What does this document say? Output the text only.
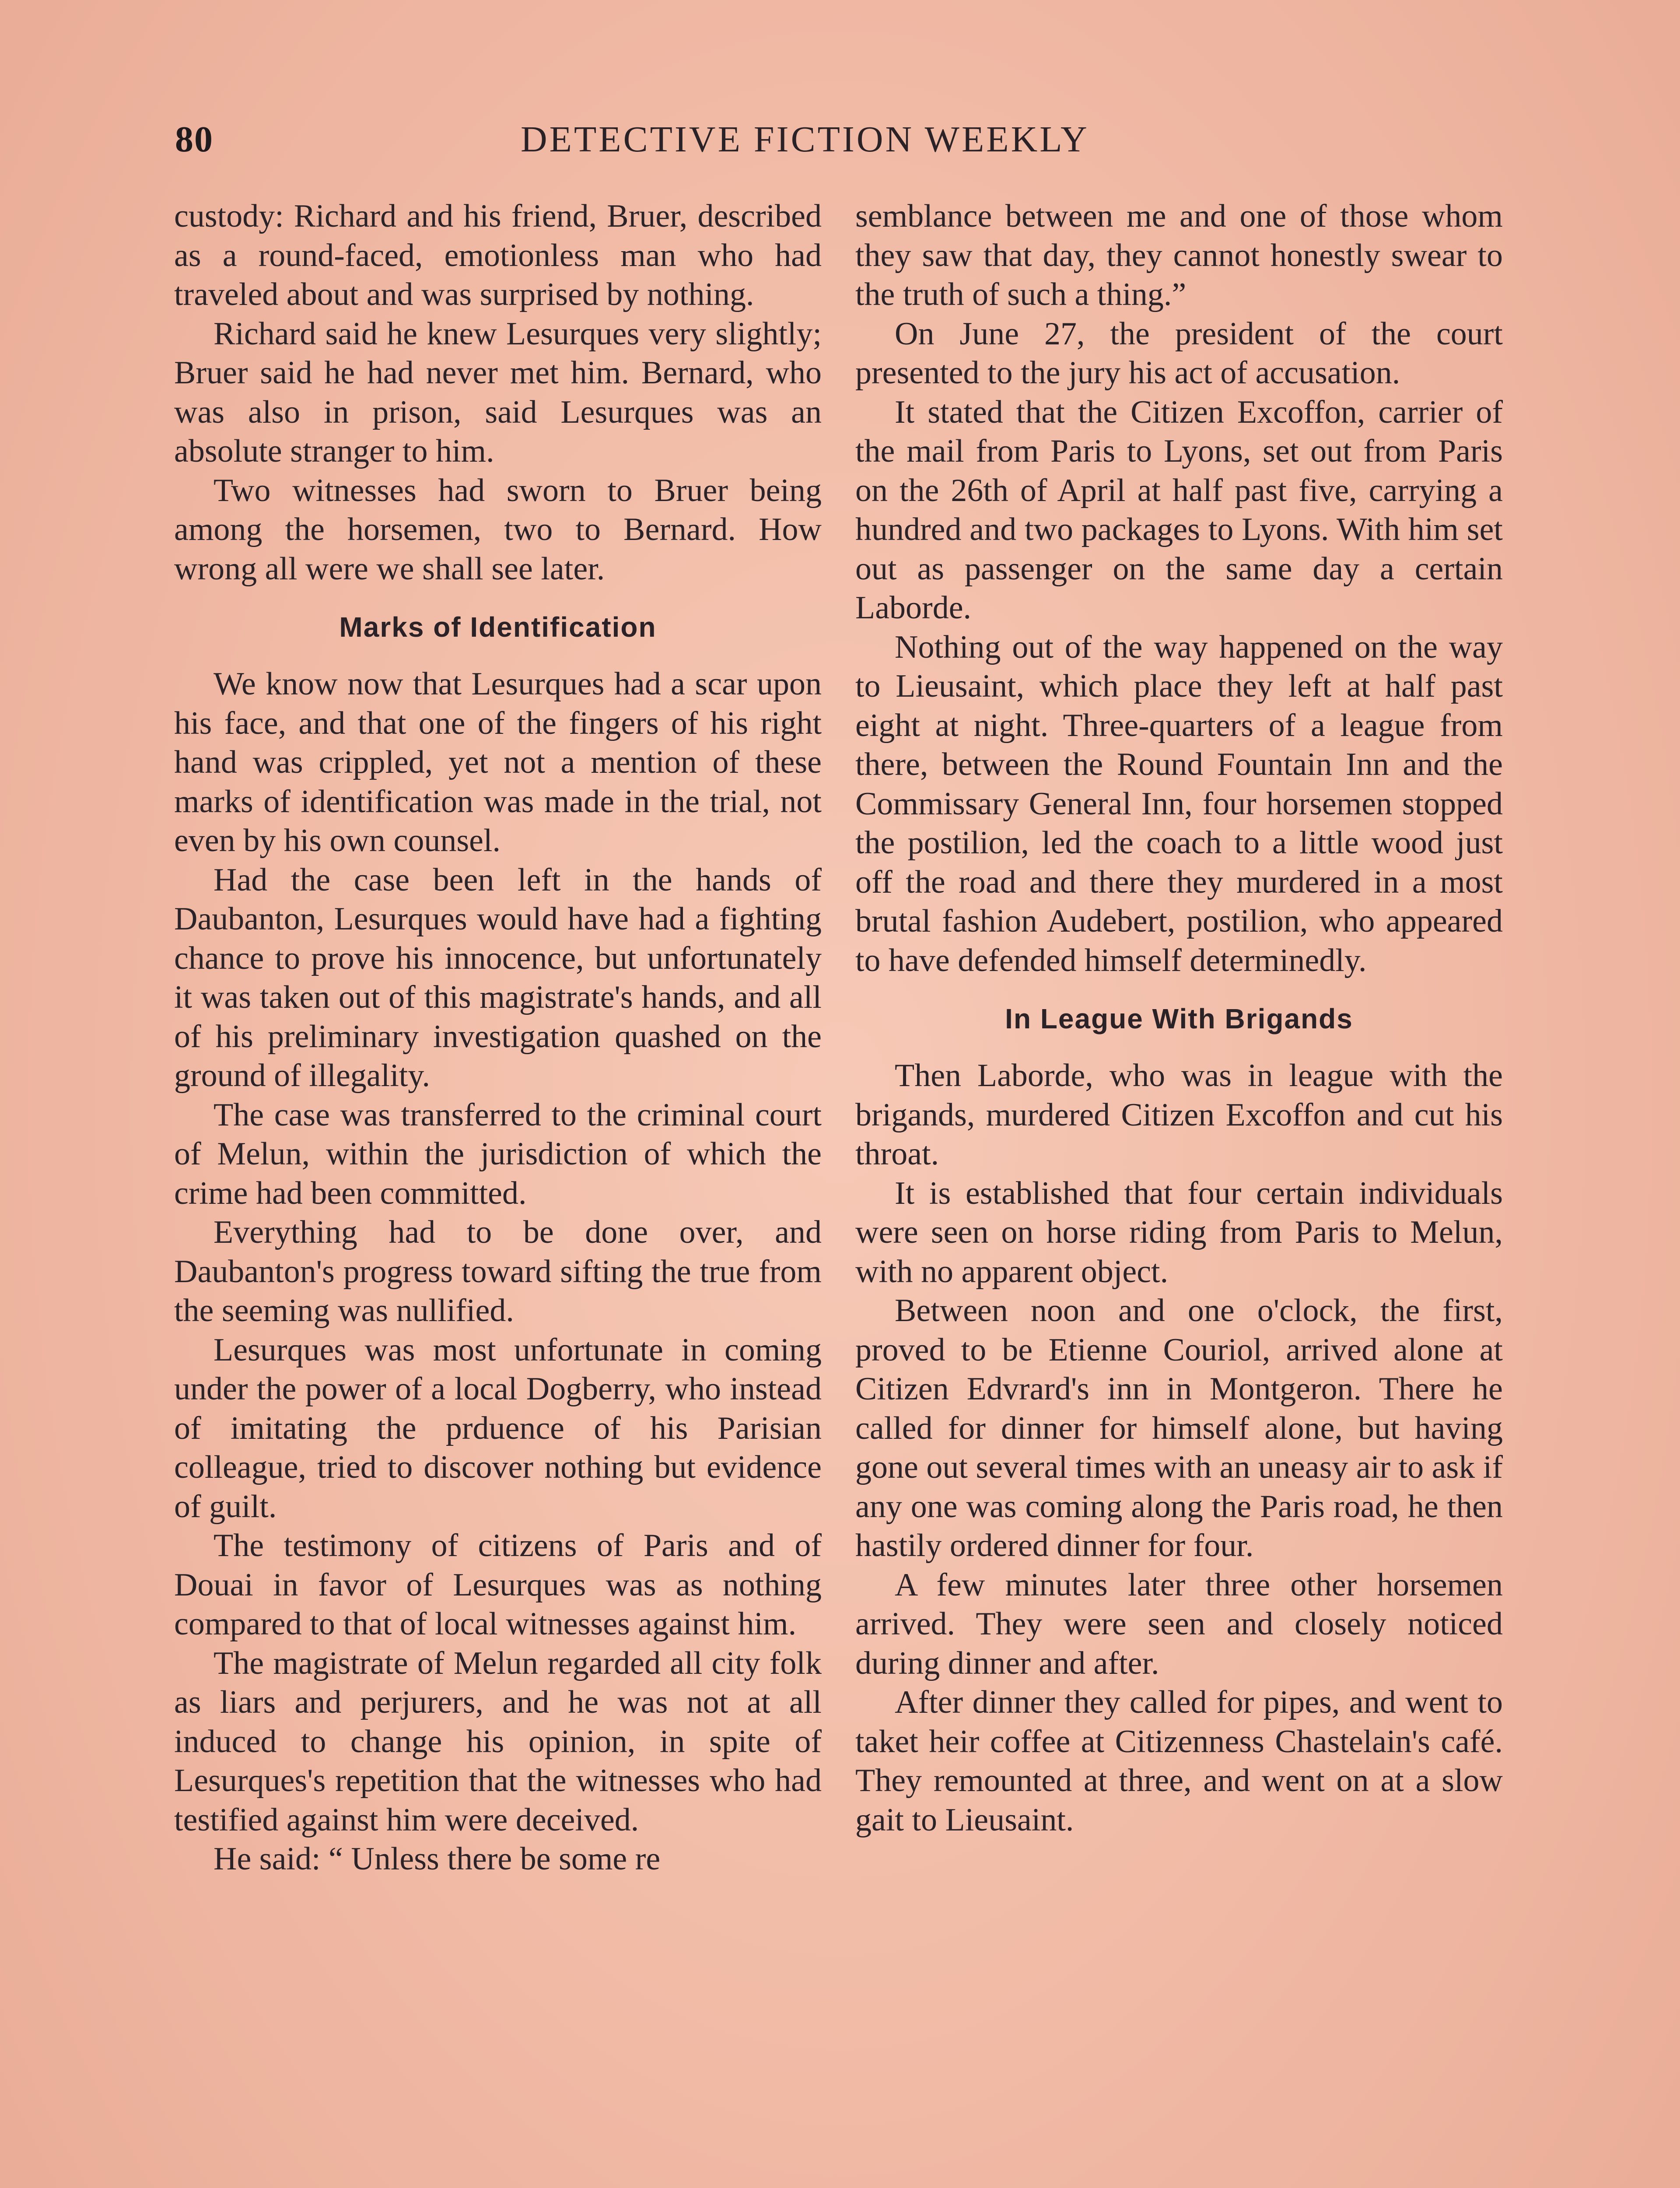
80	DETECTIVE FICTION WEEKLY

custody: Richard and his friend, Bruer, described as a round-faced, emotionless man who had traveled about and was surprised by nothing.

Richard said he knew Lesurques very slightly; Bruer said he had never met him. Bernard, who was also in prison, said Lesurques was an absolute stranger to him.

Two witnesses had sworn to Bruer being among the horsemen, two to Bernard. How wrong all were we shall see later.

Marks of Identification

We know now that Lesurques had a scar upon his face, and that one of the fingers of his right hand was crippled, yet not a mention of these marks of identification was made in the trial, not even by his own counsel.

Had the case been left in the hands of Daubanton, Lesurques would have had a fighting chance to prove his innocence, but unfortunately it was taken out of this magistrate's hands, and all of his preliminary investigation quashed on the ground of illegality.

The case was transferred to the criminal court of Melun, within the jurisdiction of which the crime had been committed.

Everything had to be done over, and Daubanton's progress toward sifting the true from the seeming was nullified.

Lesurques was most unfortunate in coming under the power of a local Dogberry, who instead of imitating the prduence of his Parisian colleague, tried to discover nothing but evidence of guilt.

The testimony of citizens of Paris and of Douai in favor of Lesurques was as nothing compared to that of local witnesses against him.

The magistrate of Melun regarded all city folk as liars and perjurers, and he was not at all induced to change his opinion, in spite of Lesurques's repetition that the witnesses who had testified against him were deceived.

He said: “ Unless there be some re

semblance between me and one of those whom they saw that day, they cannot honestly swear to the truth of such a thing.”

On June 27, the president of the court presented to the jury his act of accusation.

It stated that the Citizen Excoffon, carrier of the mail from Paris to Lyons, set out from Paris on the 26th of April at half past five, carrying a hundred and two packages to Lyons. With him set out as passenger on the same day a certain Laborde.

Nothing out of the way happened on the way to Lieusaint, which place they left at half past eight at night. Three-quarters of a league from there, between the Round Fountain Inn and the Commissary General Inn, four horsemen stopped the postilion, led the coach to a little wood just off the road and there they murdered in a most brutal fashion Audebert, postilion, who appeared to have defended himself determinedly.

In League With Brigands

Then Laborde, who was in league with the brigands, murdered Citizen Excoffon and cut his throat.

It is established that four certain individuals were seen on horse riding from Paris to Melun, with no apparent object.

Between noon and one o'clock, the first, proved to be Etienne Couriol, arrived alone at Citizen Edvrard's inn in Montgeron. There he called for dinner for himself alone, but having gone out several times with an uneasy air to ask if any one was coming along the Paris road, he then hastily ordered dinner for four.

A few minutes later three other horsemen arrived. They were seen and closely noticed during dinner and after.

After dinner they called for pipes, and went to taket heir coffee at Citizenness Chastelain's café. They remounted at three, and went on at a slow gait to Lieusaint.
